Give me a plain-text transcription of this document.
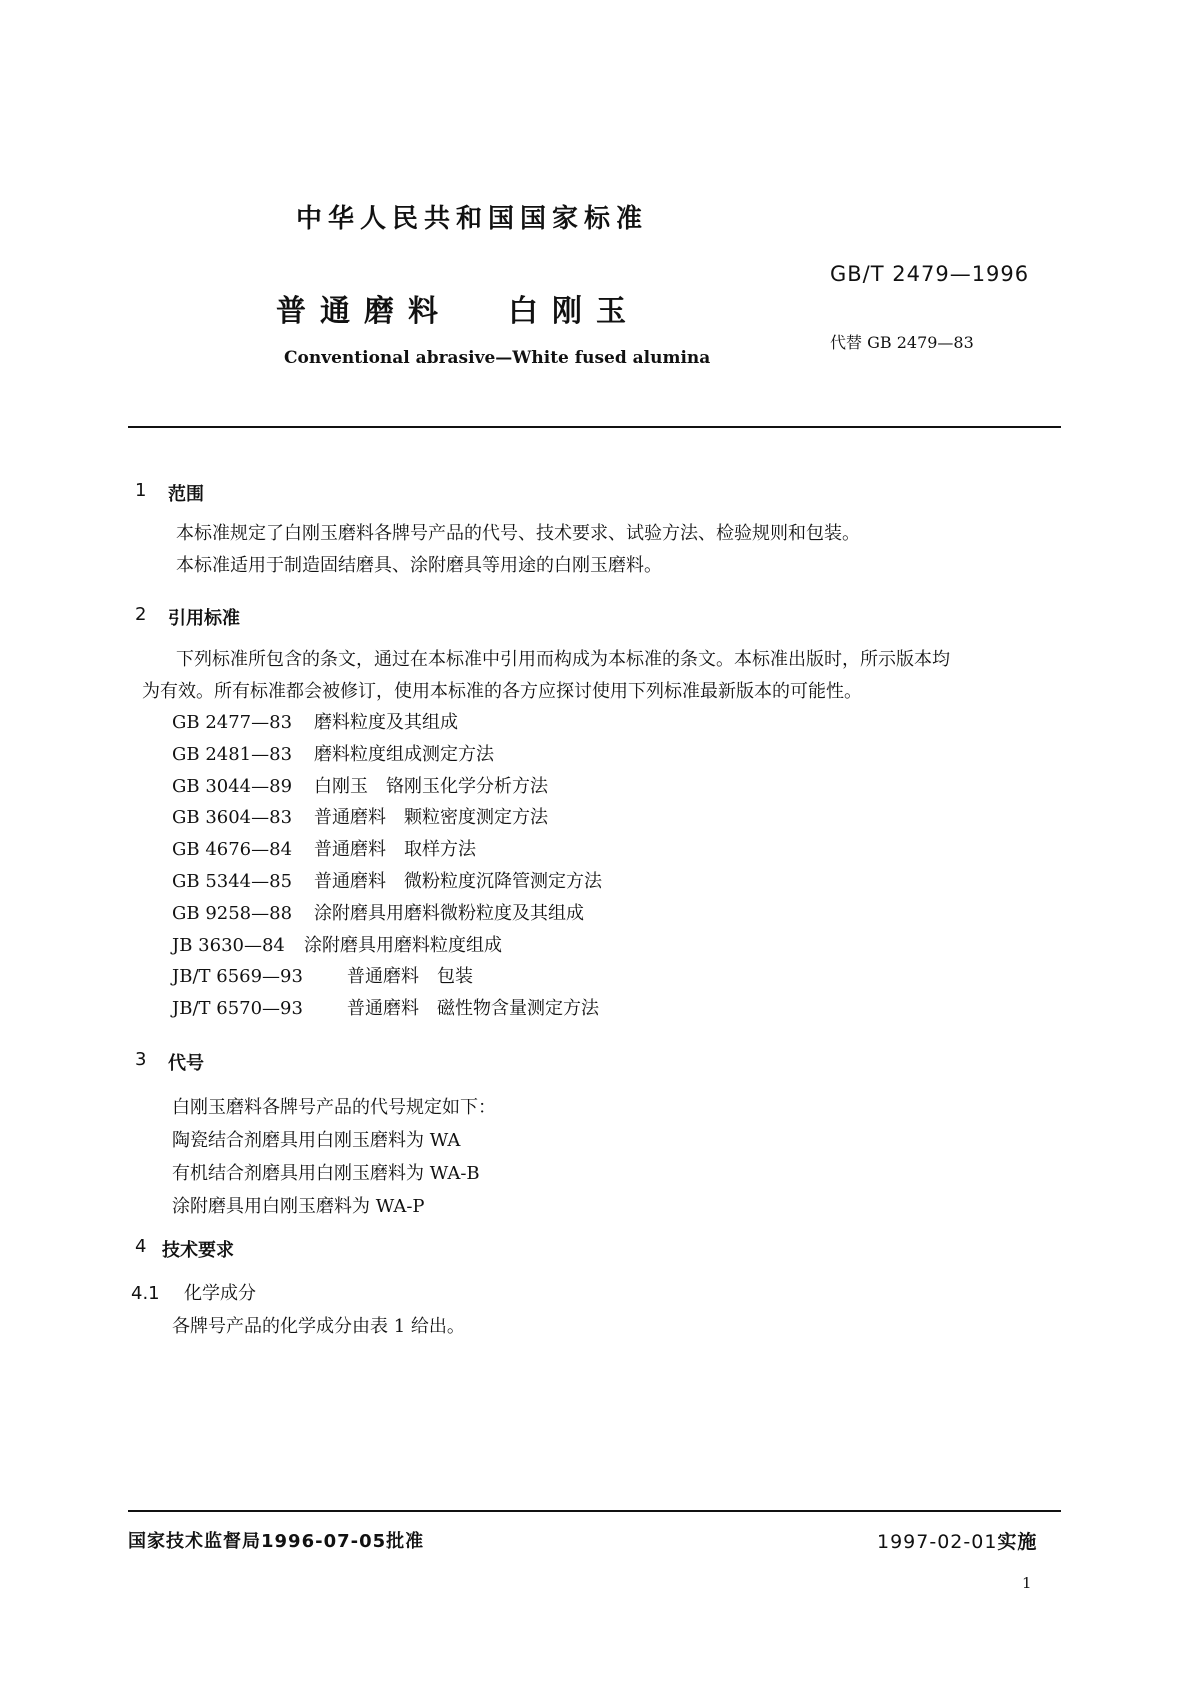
中华人民共和国国家标准
GB/T 2479—1996
普通磨料 白刚玉
代替 GB 2479—83
Conventional abrasive—White fused alumina
1 范围
本标准规定了白刚玉磨料各牌号产品的代号、技术要求、试验方法、检验规则和包装。
本标准适用于制造固结磨具、涂附磨具等用途的白刚玉磨料。
2 引用标准
下列标准所包含的条文，通过在本标准中引用而构成为本标准的条文。本标准出版时，所示版本均
为有效。所有标准都会被修订，使用本标准的各方应探讨使用下列标准最新版本的可能性。
GB 2477—83 磨料粒度及其组成
GB 2481—83 磨料粒度组成测定方法
GB 3044—89 白刚玉　铬刚玉化学分析方法
GB 3604—83 普通磨料　颗粒密度测定方法
GB 4676—84 普通磨料　取样方法
GB 5344—85 普通磨料　微粉粒度沉降管测定方法
GB 9258—88 涂附磨具用磨料微粉粒度及其组成
JB 3630—84 涂附磨具用磨料粒度组成
JB/T 6569—93 普通磨料　包装
JB/T 6570—93 普通磨料　磁性物含量测定方法
3 代号
白刚玉磨料各牌号产品的代号规定如下：
陶瓷结合剂磨具用白刚玉磨料为 WA
有机结合剂磨具用白刚玉磨料为 WA-B
涂附磨具用白刚玉磨料为 WA-P
4 技术要求
4.1 化学成分
各牌号产品的化学成分由表 1 给出。
国家技术监督局1996-07-05批准	1997-02-01实施
1
